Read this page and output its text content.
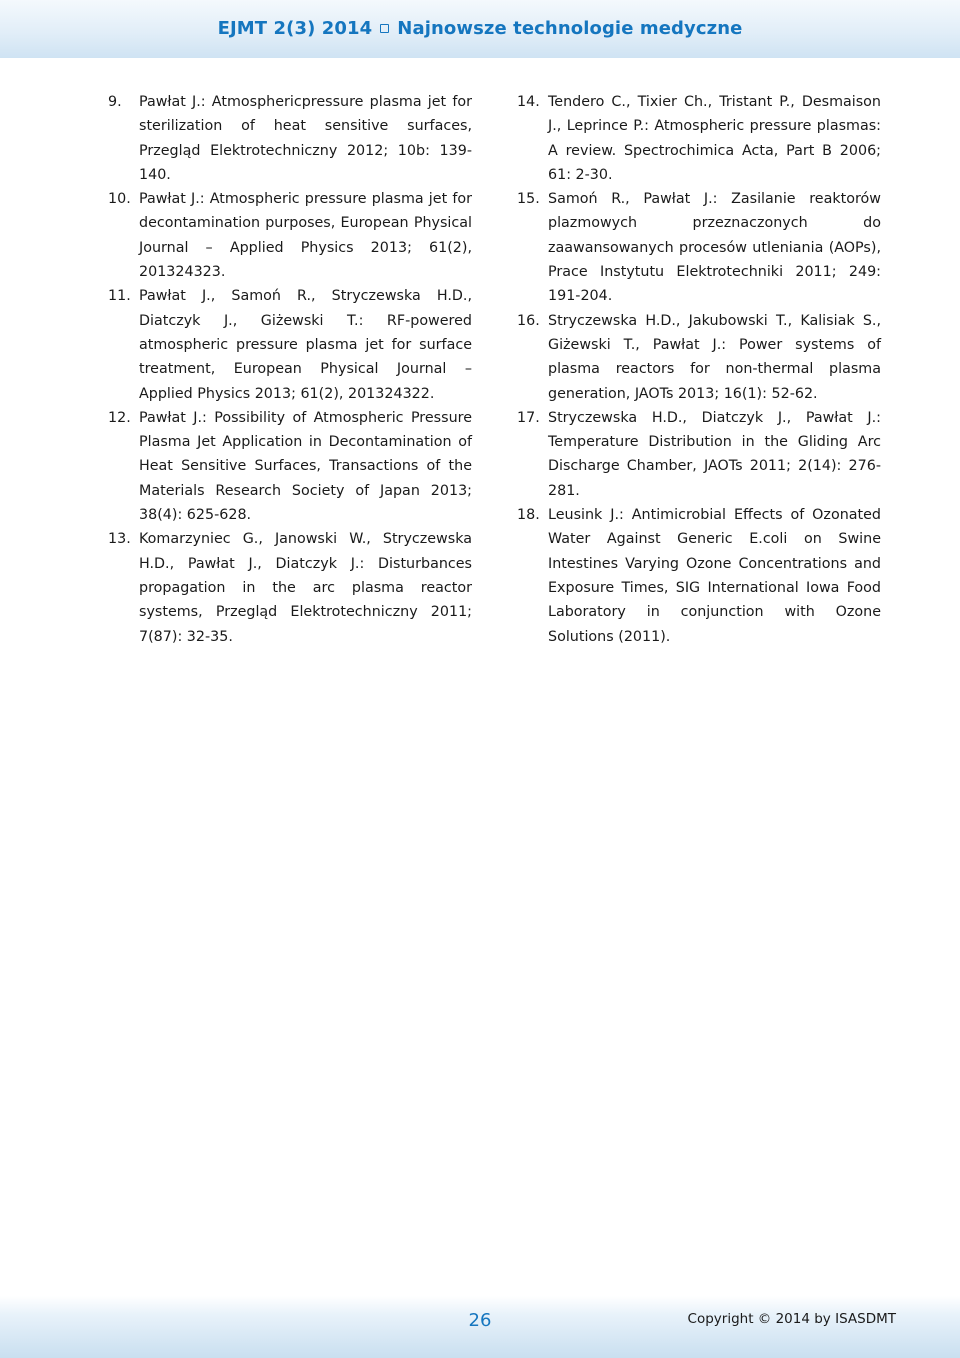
EJMT 2(3) 2014 Najnowsze technologie medyczne

9. Pawłat J.: Atmosphericpressure plasma jet for sterilization of heat sensitive surfaces, Przegląd Elektrotechniczny 2012; 10b: 139-140.

10. Pawłat J.: Atmospheric pressure plasma jet for decontamination purposes, European Physical Journal – Applied Physics 2013; 61(2), 201324323.

11. Pawłat J., Samoń R., Stryczewska H.D., Diatczyk J., Giżewski T.: RF-powered atmospheric pressure plasma jet for surface treatment, European Physical Journal – Applied Physics 2013; 61(2), 201324322.

12. Pawłat J.: Possibility of Atmospheric Pressure Plasma Jet Application in Decontamination of Heat Sensitive Surfaces, Transactions of the Materials Research Society of Japan 2013; 38(4): 625-628.

13. Komarzyniec G., Janowski W., Stryczewska H.D., Pawłat J., Diatczyk J.: Disturbances propagation in the arc plasma reactor systems, Przegląd Elektrotechniczny 2011; 7(87): 32-35.

14. Tendero C., Tixier Ch., Tristant P., Desmaison J., Leprince P.: Atmospheric pressure plasmas: A review. Spectrochimica Acta, Part B 2006; 61: 2-30.

15. Samoń R., Pawłat J.: Zasilanie reaktorów plazmowych przeznaczonych do zaawansowanych procesów utleniania (AOPs), Prace Instytutu Elektrotechniki 2011; 249: 191-204.

16. Stryczewska H.D., Jakubowski T., Kalisiak S., Giżewski T., Pawłat J.: Power systems of plasma reactors for non-thermal plasma generation, JAOTs 2013; 16(1): 52-62.

17. Stryczewska H.D., Diatczyk J., Pawłat J.: Temperature Distribution in the Gliding Arc Discharge Chamber, JAOTs 2011; 2(14): 276-281.

18. Leusink J.: Antimicrobial Effects of Ozonated Water Against Generic E.coli on Swine Intestines Varying Ozone Concentrations and Exposure Times, SIG International Iowa Food Laboratory in conjunction with Ozone Solutions (2011).

26	Copyright © 2014 by ISASDMT
